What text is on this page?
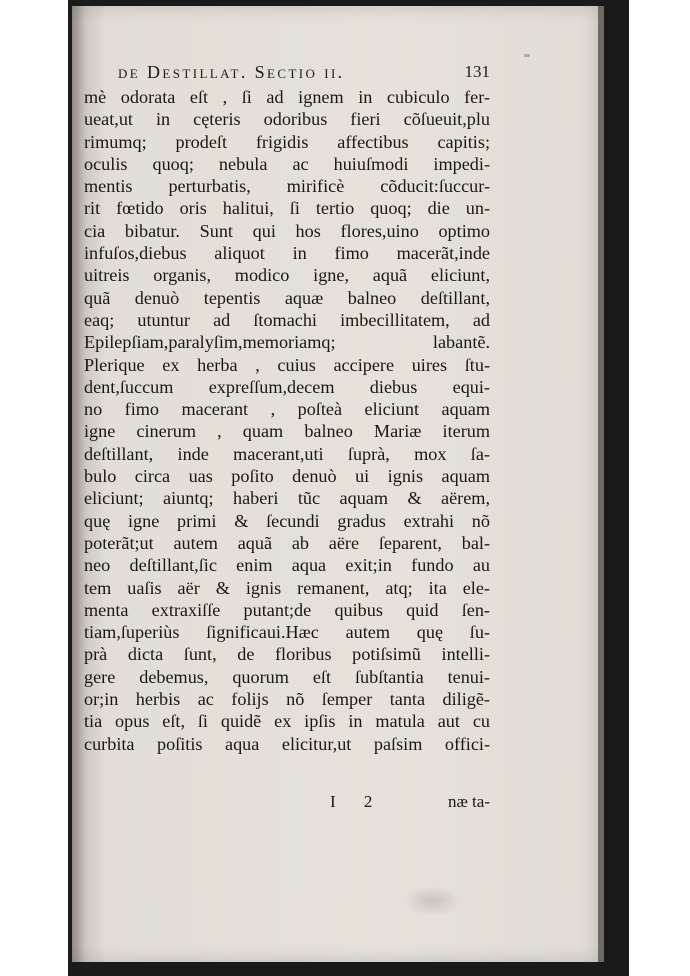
de Destillat. Sectio ii.	131
mè odorata eſt , ſi ad ignem in cubiculo fer-
ueat,ut in cęteris odoribus fieri cõſueuit,plu
rimumq; prodeſt frigidis affectibus capitis;
oculis quoq; nebula ac huiuſmodi impedi-
mentis perturbatis, mirificè cõducit:ſuccur-
rit fœtido oris halitui, ſi tertio quoq; die un-
cia bibatur. Sunt qui hos flores,uino optimo
infuſos,diebus aliquot in fimo macerãt,inde
uitreis organis, modico igne, aquã eliciunt,
quã denuò tepentis aquæ balneo deſtillant,
eaq; utuntur ad ſtomachi imbecillitatem, ad
Epilepſiam,paralyſim,memoriamq; labantẽ.
Plerique ex herba , cuius accipere uires ſtu-
dent,ſuccum expreſſum,decem diebus equi-
no fimo macerant , poſteà eliciunt aquam
igne cinerum , quam balneo Mariæ iterum
deſtillant, inde macerant,uti ſuprà, mox ſa-
bulo circa uas poſito denuò ui ignis aquam
eliciunt; aiuntq; haberi tũc aquam & aërem,
quę igne primi & ſecundi gradus extrahi nõ
poterãt;ut autem aquã ab aëre ſeparent, bal-
neo deſtillant,ſic enim aqua exit;in fundo au
tem uaſis aër & ignis remanent, atq; ita ele-
menta extraxiſſe putant;de quibus quid ſen-
tiam,ſuperiùs ſignificaui.Hæc autem quę ſu-
prà dicta ſunt, de floribus potiſsimũ intelli-
gere debemus, quorum eſt ſubſtantia tenui-
or;in herbis ac folijs nõ ſemper tanta diligẽ-
tia opus eſt, ſi quidẽ ex ipſis in matula aut cu
curbita poſitis aqua elicitur,ut paſsim offici-
I 2	næ ta-
